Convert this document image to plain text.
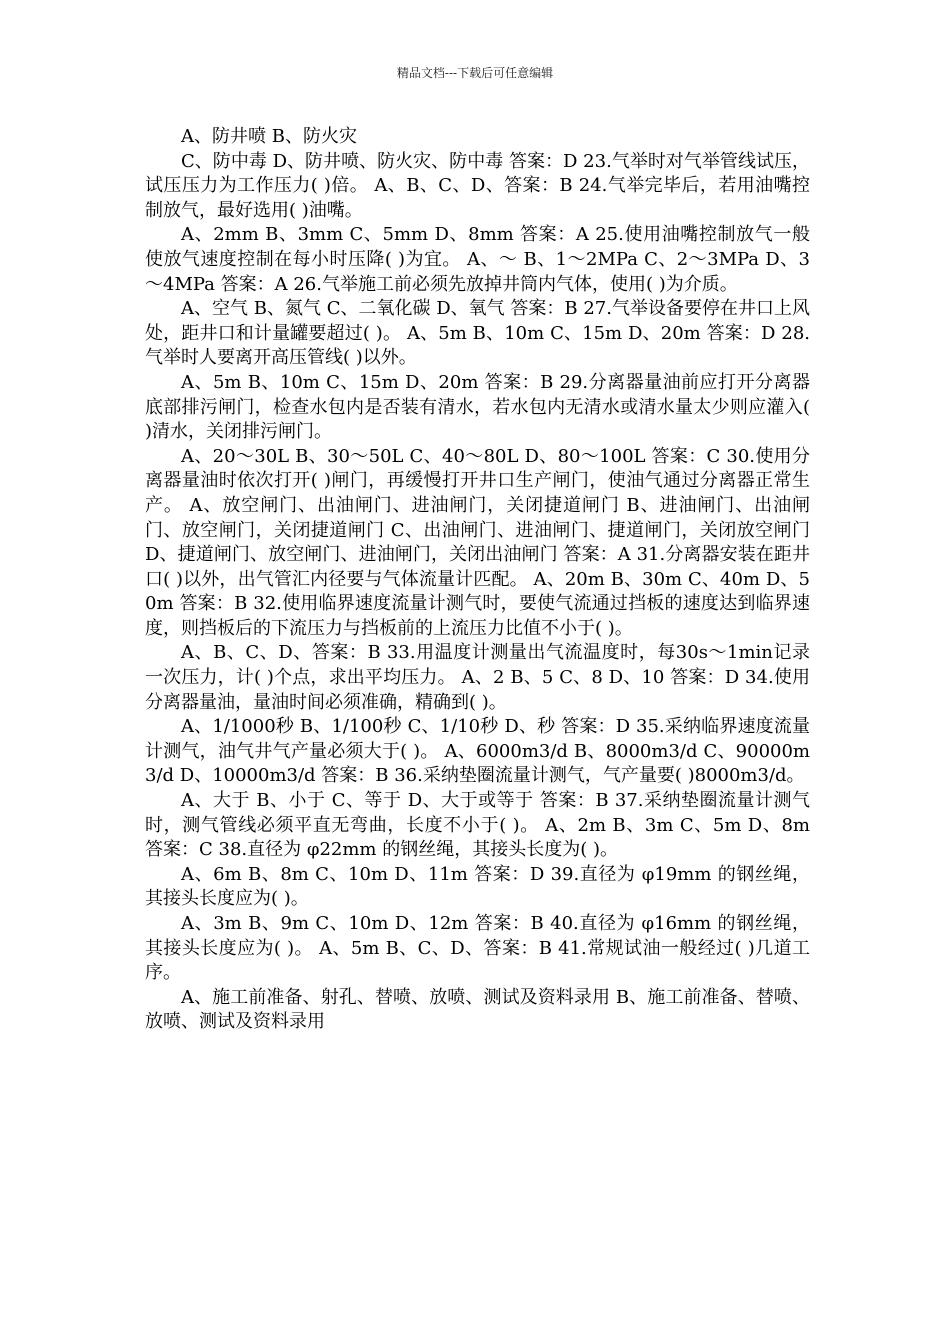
精品文档---下载后可任意编辑

A、防井喷 B、防火灾

C、防中毒 D、防井喷、防火灾、防中毒 答案：D 23.气举时对气举管线试压，试压压力为工作压力( )倍。 A、B、C、D、答案：B 24.气举完毕后，若用油嘴控制放气，最好选用( )油嘴。

A、2mm B、3mm C、5mm D、8mm 答案：A 25.使用油嘴控制放气一般使放气速度控制在每小时压降( )为宜。 A、～ B、1～2MPa C、2～3MPa D、3～4MPa 答案：A 26.气举施工前必须先放掉井筒内气体，使用( )为介质。

A、空气 B、氮气 C、二氧化碳 D、氧气 答案：B 27.气举设备要停在井口上风处，距井口和计量罐要超过( )。 A、5m B、10m C、15m D、20m 答案：D 28.气举时人要离开高压管线( )以外。

A、5m B、10m C、15m D、20m 答案：B 29.分离器量油前应打开分离器底部排污闸门，检查水包内是否装有清水，若水包内无清水或清水量太少则应灌入( )清水，关闭排污闸门。

A、20～30L B、30～50L C、40～80L D、80～100L 答案：C 30.使用分离器量油时依次打开( )闸门，再缓慢打开井口生产闸门，使油气通过分离器正常生产。 A、放空闸门、出油闸门、进油闸门，关闭捷道闸门 B、进油闸门、出油闸门、放空闸门，关闭捷道闸门 C、出油闸门、进油闸门、捷道闸门，关闭放空闸门 D、捷道闸门、放空闸门、进油闸门，关闭出油闸门 答案：A 31.分离器安装在距井口( )以外，出气管汇内径要与气体流量计匹配。 A、20m B、30m C、40m D、50m 答案：B 32.使用临界速度流量计测气时，要使气流通过挡板的速度达到临界速度，则挡板后的下流压力与挡板前的上流压力比值不小于( )。

A、B、C、D、答案：B 33.用温度计测量出气流温度时，每30s～1min记录一次压力，计( )个点，求出平均压力。 A、2 B、5 C、8 D、10 答案：D 34.使用分离器量油，量油时间必须准确，精确到( )。

A、1/1000秒 B、1/100秒 C、1/10秒 D、秒 答案：D 35.采纳临界速度流量计测气，油气井气产量必须大于( )。 A、6000m3/d B、8000m3/d C、90000m3/d D、10000m3/d 答案：B 36.采纳垫圈流量计测气，气产量要( )8000m3/d。

A、大于 B、小于 C、等于 D、大于或等于 答案：B 37.采纳垫圈流量计测气时，测气管线必须平直无弯曲，长度不小于( )。 A、2m B、3m C、5m D、8m 答案：C 38.直径为 φ22mm 的钢丝绳，其接头长度为( )。

A、6m B、8m C、10m D、11m 答案：D 39.直径为 φ19mm 的钢丝绳，其接头长度应为( )。

A、3m B、9m C、10m D、12m 答案：B 40.直径为 φ16mm 的钢丝绳，其接头长度应为( )。 A、5m B、C、D、答案：B 41.常规试油一般经过( )几道工序。

A、施工前准备、射孔、替喷、放喷、测试及资料录用 B、施工前准备、替喷、放喷、测试及资料录用
